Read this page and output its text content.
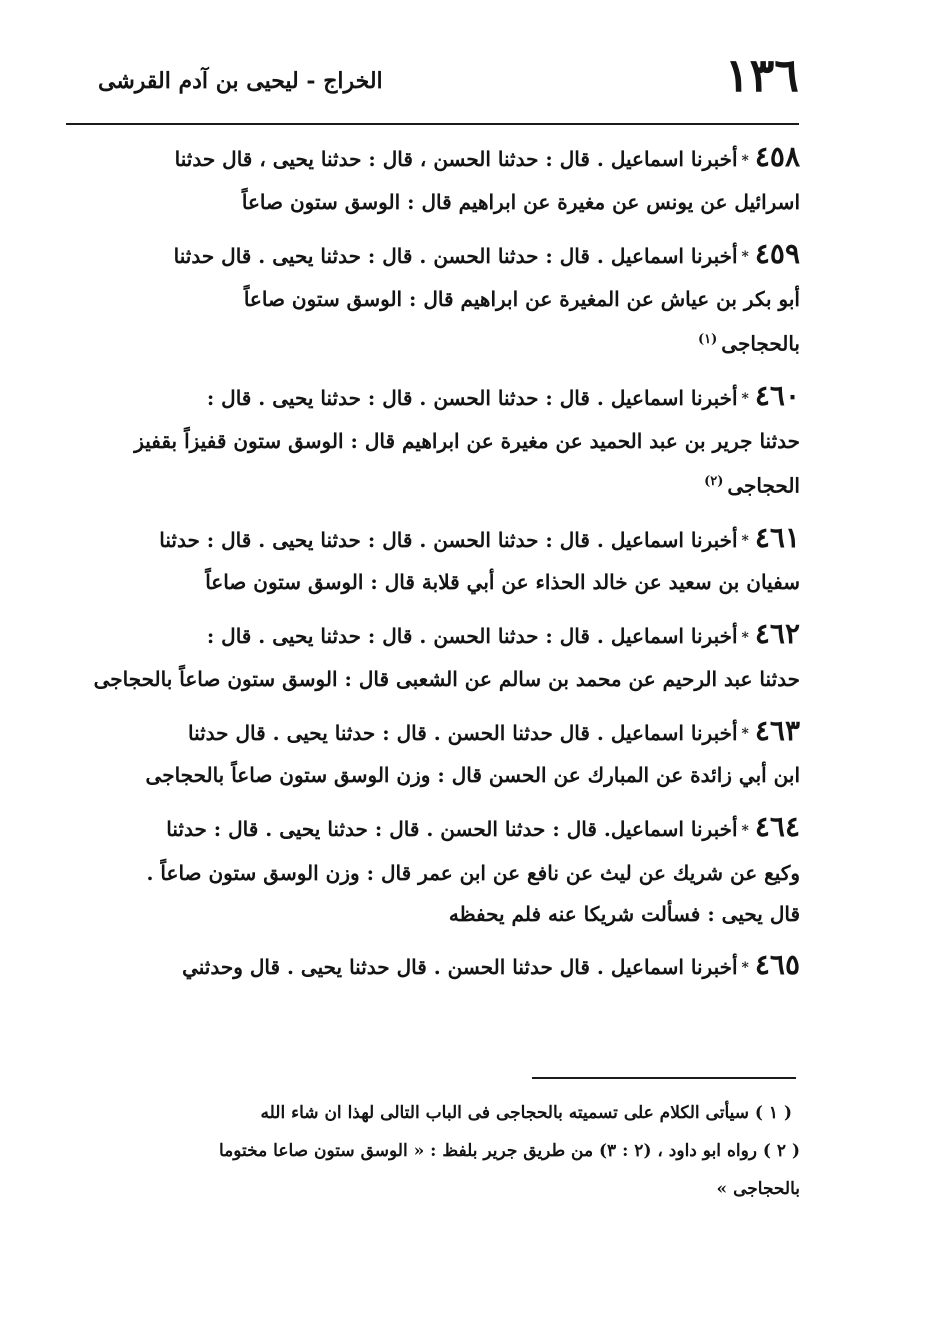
١٣٦
الخراج - ليحيى بن آدم القرشى
٤٥٨*أخبرنا اسماعيل . قال : حدثنا الحسن ، قال : حدثنا يحيى ، قال حدثنا
اسرائيل عن يونس عن مغيرة عن ابراهيم قال : الوسق ستون صاعاً
٤٥٩*أخبرنا اسماعيل . قال : حدثنا الحسن . قال : حدثنا يحيى . قال حدثنا
أبو بكر بن عياش عن المغيرة عن ابراهيم قال : الوسق ستون صاعاً
بالحجاجى$^{(١)}$
٤٦٠*أخبرنا اسماعيل . قال : حدثنا الحسن . قال : حدثنا يحيى . قال :
حدثنا جرير بن عبد الحميد عن مغيرة عن ابراهيم قال : الوسق ستون قفيزاً بقفيز
الحجاجى$^{(٢)}$
٤٦١*أخبرنا اسماعيل . قال : حدثنا الحسن . قال : حدثنا يحيى . قال : حدثنا
سفيان بن سعيد عن خالد الحذاء عن أبي قلابة قال : الوسق ستون صاعاً
٤٦٢*أخبرنا اسماعيل . قال : حدثنا الحسن . قال : حدثنا يحيى . قال :
حدثنا عبد الرحيم عن محمد بن سالم عن الشعبى قال : الوسق ستون صاعاً بالحجاجى
٤٦٣*أخبرنا اسماعيل . قال حدثنا الحسن . قال : حدثنا يحيى . قال حدثنا
ابن أبي زائدة عن المبارك عن الحسن قال : وزن الوسق ستون صاعاً بالحجاجى
٤٦٤*أخبرنا اسماعيل. قال : حدثنا الحسن . قال : حدثنا يحيى . قال : حدثنا
وكيع عن شريك عن ليث عن نافع عن ابن عمر قال : وزن الوسق ستون صاعاً .
قال يحيى : فسألت شريكا عنه فلم يحفظه
٤٦٥*أخبرنا اسماعيل . قال حدثنا الحسن . قال حدثنا يحيى . قال وحدثني
( ١ ) سيأتى الكلام على تسميته بالحجاجى فى الباب التالى لهذا ان شاء الله
( ٢ ) رواه ابو داود ، (٢ : ٣) من طريق جرير بلفظ : « الوسق ستون صاعا مختوما
بالحجاجى »
